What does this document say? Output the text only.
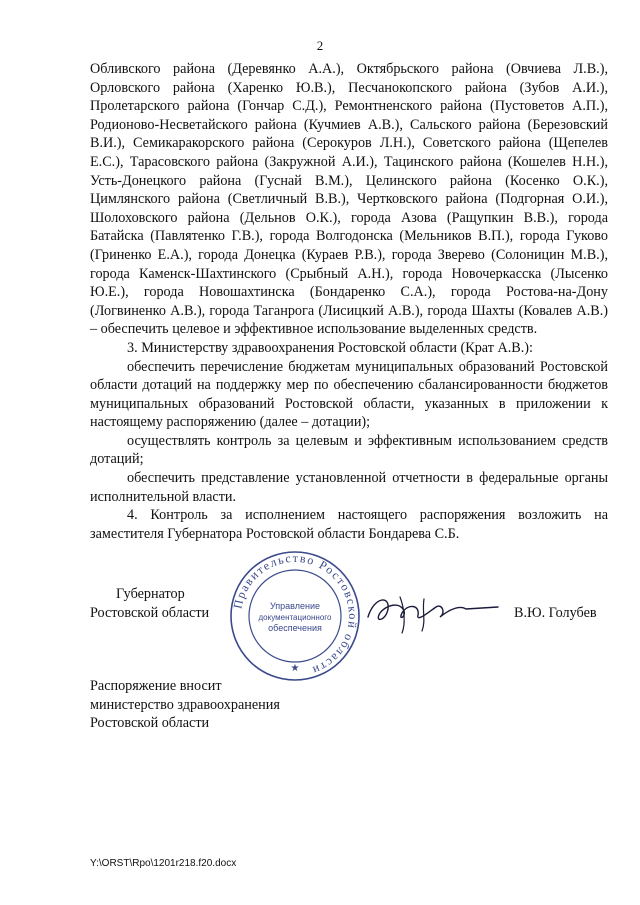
2

Обливского района (Деревянко А.А.), Октябрьского района (Овчиева Л.В.), Орловского района (Харенко Ю.В.), Песчанокопского района (Зубов А.И.), Пролетарского района (Гончар С.Д.), Ремонтненского района (Пустоветов А.П.), Родионово-Несветайского района (Кучмиев А.В.), Сальского района (Березовский В.И.), Семикаракорского района (Серокуров Л.Н.), Советского района (Щепелев Е.С.), Тарасовского района (Закружной А.И.), Тацинского района (Кошелев Н.Н.), Усть-Донецкого района (Гуснай В.М.), Целинского района (Косенко О.К.), Цимлянского района (Светличный В.В.), Чертковского района (Подгорная О.И.), Шолоховского района (Дельнов О.К.), города Азова (Ращупкин В.В.), города Батайска (Павлятенко Г.В.), города Волгодонска (Мельников В.П.), города Гуково (Гриненко Е.А.), города Донецка (Кураев Р.В.), города Зверево (Солоницин М.В.), города Каменск-Шахтинского (Срыбный А.Н.), города Новочеркасска (Лысенко Ю.Е.), города Новошахтинска (Бондаренко С.А.), города Ростова-на-Дону (Логвиненко А.В.), города Таганрога (Лисицкий А.В.), города Шахты (Ковалев А.В.) – обеспечить целевое и эффективное использование выделенных средств.

3. Министерству здравоохранения Ростовской области (Крат А.В.):

обеспечить перечисление бюджетам муниципальных образований Ростовской области дотаций на поддержку мер по обеспечению сбалансированности бюджетов муниципальных образований Ростовской области, указанных в приложении к настоящему распоряжению (далее – дотации);

осуществлять контроль за целевым и эффективным использованием средств дотаций;

обеспечить представление установленной отчетности в федеральные органы исполнительной власти.

4. Контроль за исполнением настоящего распоряжения возложить на заместителя Губернатора Ростовской области Бондарева С.Б.

Губернатор
Ростовской области
Правительство Ростовской области
Управление
документационного
обеспечения
★
В.Ю. Голубев
Распоряжение вносит
министерство здравоохранения
Ростовской области
Y:\ORST\Rpo\1201r218.f20.docx
